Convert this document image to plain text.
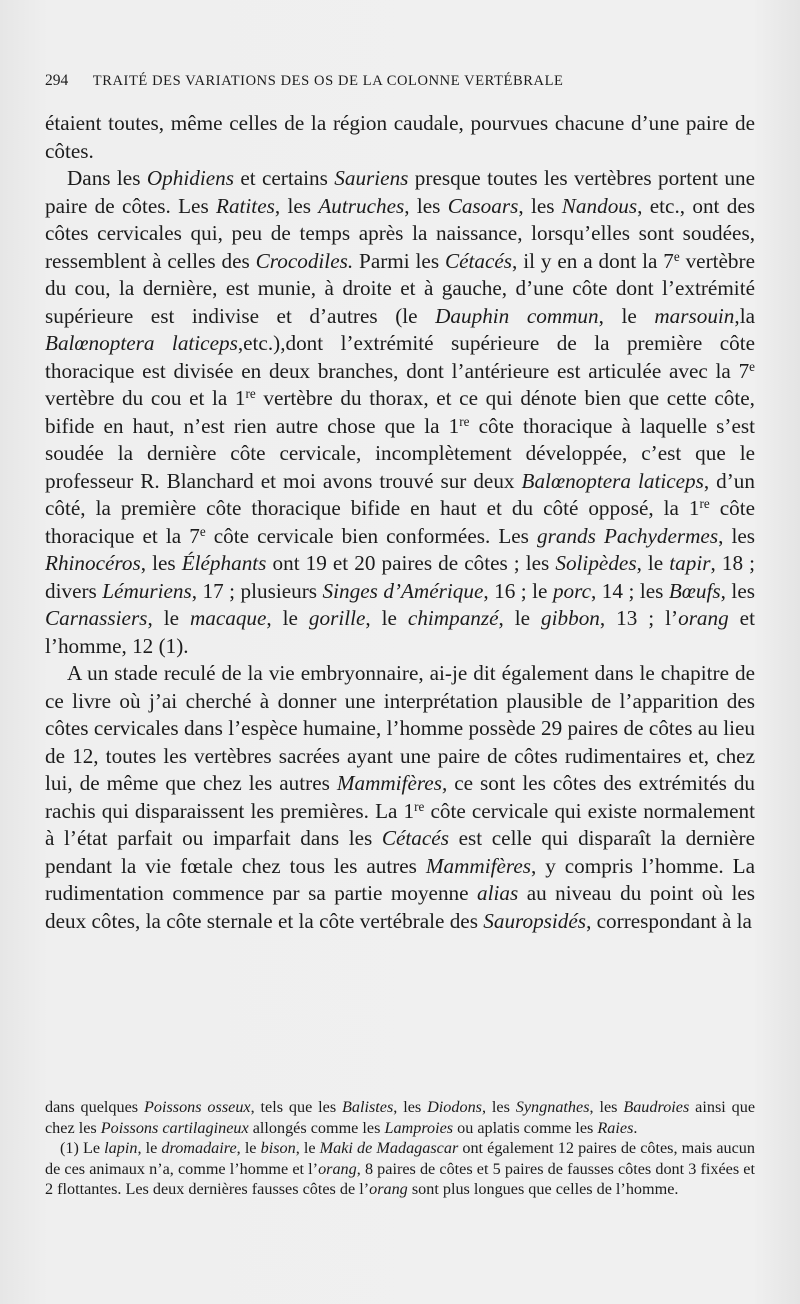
294 TRAITÉ DES VARIATIONS DES OS DE LA COLONNE VERTÉBRALE

étaient toutes, même celles de la région caudale, pourvues chacune d’une paire de côtes.

Dans les Ophidiens et certains Sauriens presque toutes les vertèbres portent une paire de côtes. Les Ratites, les Autruches, les Casoars, les Nandous, etc., ont des côtes cervicales qui, peu de temps après la naissance, lorsqu’elles sont soudées, ressemblent à celles des Crocodiles. Parmi les Cétacés, il y en a dont la 7e vertèbre du cou, la dernière, est munie, à droite et à gauche, d’une côte dont l’extrémité supérieure est indivise et d’autres (le Dauphin commun, le marsouin,la Balœnoptera laticeps,etc.),dont l’extrémité supérieure de la première côte thoracique est divisée en deux branches, dont l’antérieure est articulée avec la 7e vertèbre du cou et la 1re vertèbre du thorax, et ce qui dénote bien que cette côte, bifide en haut, n’est rien autre chose que la 1re côte thoracique à laquelle s’est soudée la dernière côte cervicale, incomplètement développée, c’est que le professeur R. Blanchard et moi avons trouvé sur deux Balœnoptera laticeps, d’un côté, la première côte thoracique bifide en haut et du côté opposé, la 1re côte thoracique et la 7e côte cervicale bien conformées. Les grands Pachydermes, les Rhinocéros, les Éléphants ont 19 et 20 paires de côtes ; les Solipèdes, le tapir, 18 ; divers Lémuriens, 17 ; plusieurs Singes d’Amérique, 16 ; le porc, 14 ; les Bœufs, les Carnassiers, le macaque, le gorille, le chimpanzé, le gibbon, 13 ; l’orang et l’homme, 12 (1).

A un stade reculé de la vie embryonnaire, ai-je dit également dans le chapitre de ce livre où j’ai cherché à donner une interprétation plausible de l’apparition des côtes cervicales dans l’espèce humaine, l’homme possède 29 paires de côtes au lieu de 12, toutes les vertèbres sacrées ayant une paire de côtes rudimentaires et, chez lui, de même que chez les autres Mammifères, ce sont les côtes des extrémités du rachis qui disparaissent les premières. La 1re côte cervicale qui existe normalement à l’état parfait ou imparfait dans les Cétacés est celle qui disparaît la dernière pendant la vie fœtale chez tous les autres Mammifères, y compris l’homme. La rudimentation commence par sa partie moyenne alias au niveau du point où les deux côtes, la côte sternale et la côte vertébrale des Sauropsidés, correspondant à la

dans quelques Poissons osseux, tels que les Balistes, les Diodons, les Syngnathes, les Baudroies ainsi que chez les Poissons cartilagineux allongés comme les Lamproies ou aplatis comme les Raies.

(1) Le lapin, le dromadaire, le bison, le Maki de Madagascar ont également 12 paires de côtes, mais aucun de ces animaux n’a, comme l’homme et l’orang, 8 paires de côtes et 5 paires de fausses côtes dont 3 fixées et 2 flottantes. Les deux dernières fausses côtes de l’orang sont plus longues que celles de l’homme.
